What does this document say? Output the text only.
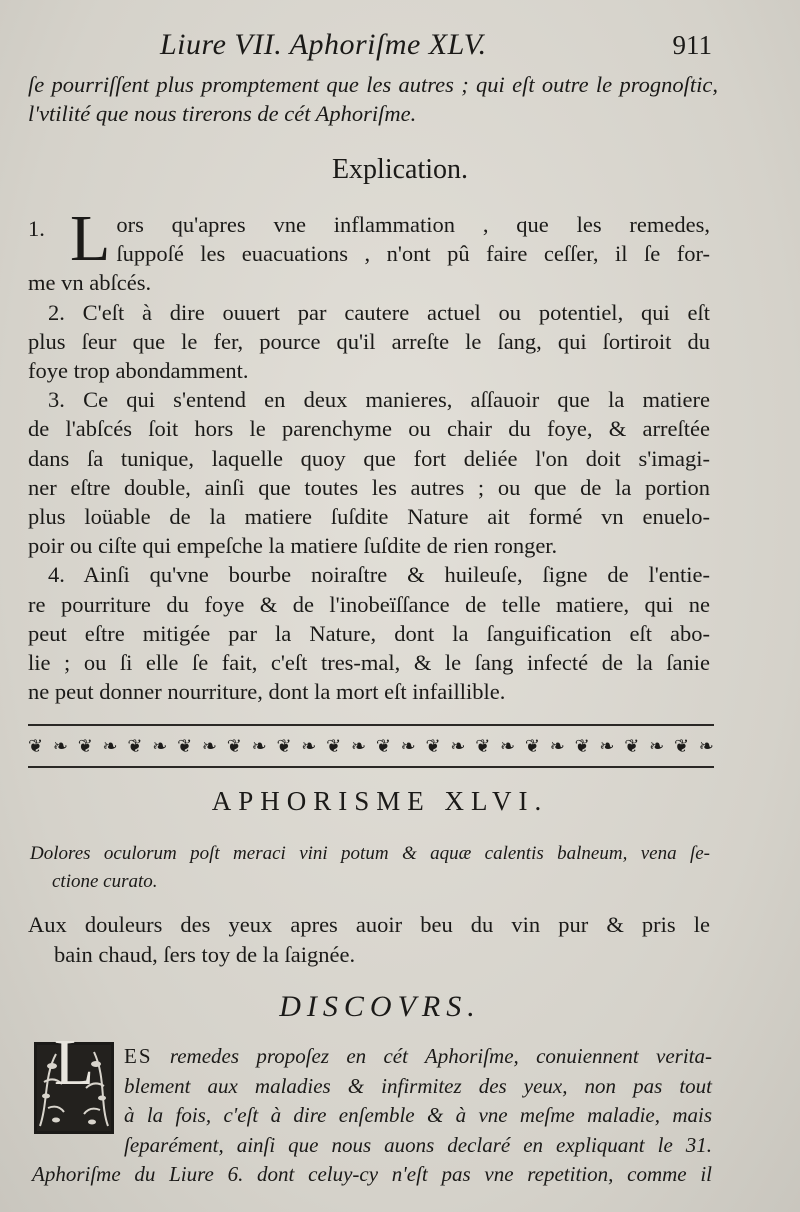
Liure VII. Aphoriſme XLV.	911
ſe pourriſſent plus promptement que les autres ; qui eſt outre le prognoſtic,
l'vtilité que nous tirerons de cét Aphoriſme.
Explication.
1. L ors qu'apres vne inflammation , que les remedes,
ſuppoſé les euacuations , n'ont pû faire ceſſer, il ſe for-
me vn abſcés.
2. C'eſt à dire ouuert par cautere actuel ou potentiel, qui eſt
plus ſeur que le fer, pource qu'il arreſte le ſang, qui ſortiroit du
foye trop abondamment.
3. Ce qui s'entend en deux manieres, aſſauoir que la matiere
de l'abſcés ſoit hors le parenchyme ou chair du foye, & arreſtée
dans ſa tunique, laquelle quoy que fort deliée l'on doit s'imagi-
ner eſtre double, ainſi que toutes les autres ; ou que de la portion
plus loüable de la matiere ſuſdite Nature ait formé vn enuelo-
poir ou ciſte qui empeſche la matiere ſuſdite de rien ronger.
4. Ainſi qu'vne bourbe noiraſtre & huileuſe, ſigne de l'entie-
re pourriture du foye & de l'inobeïſſance de telle matiere, qui ne
peut eſtre mitigée par la Nature, dont la ſanguification eſt abo-
lie ; ou ſi elle ſe fait, c'eſt tres-mal, & le ſang infecté de la ſanie
ne peut donner nourriture, dont la mort eſt infaillible.
❦ ❧ ❦ ❧ ❦ ❧ ❦ ❧ ❦ ❧ ❦ ❧ ❦ ❧ ❦ ❧ ❦ ❧ ❦ ❧ ❦ ❧ ❦ ❧ ❦ ❧ ❦ ❧
APHORISME XLVI.
Dolores oculorum poſt meraci vini potum & aquæ calentis balneum, vena ſe-
ctione curato.
Aux douleurs des yeux apres auoir beu du vin pur & pris le
bain chaud, ſers toy de la ſaignée.
DISCOVRS.
L	ES remedes propoſez en cét Aphoriſme, conuiennent verita-
blement aux maladies & infirmitez des yeux, non pas tout
à la fois, c'eſt à dire enſemble & à vne meſme maladie, mais
ſeparément, ainſi que nous auons declaré en expliquant le 31.
Aphoriſme du Liure 6. dont celuy-cy n'eſt pas vne repetition, comme il
